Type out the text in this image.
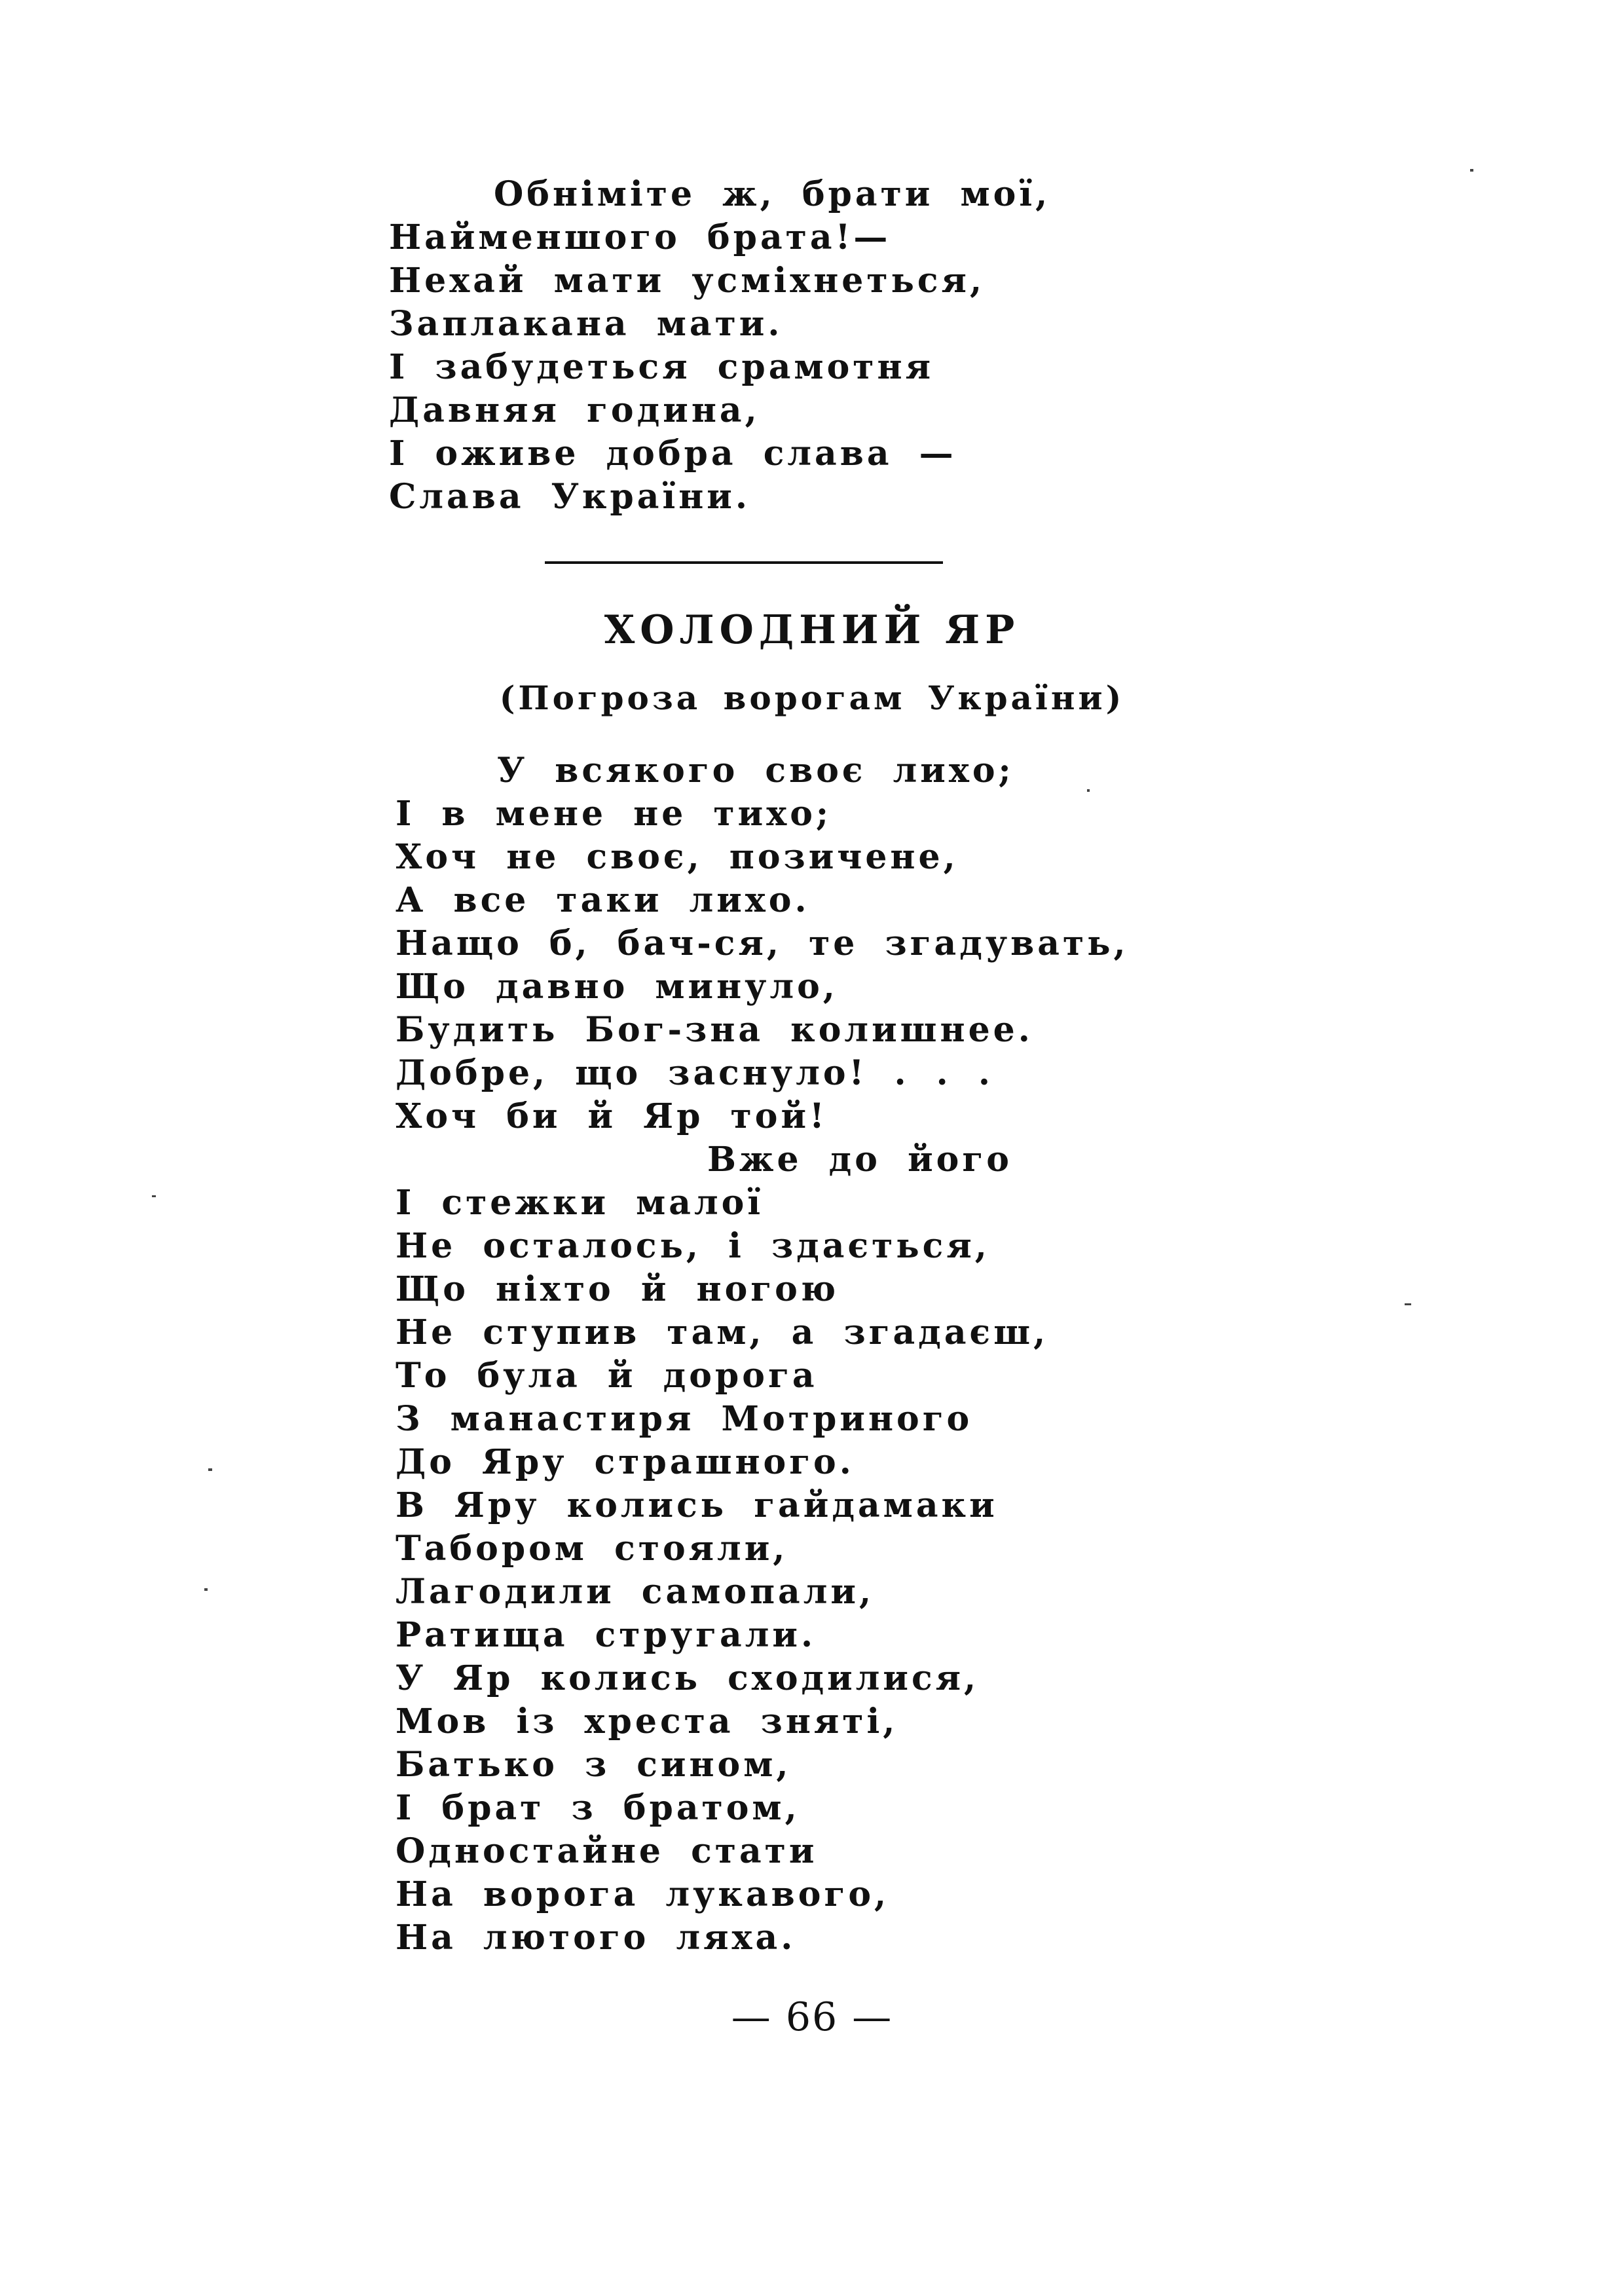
Обніміте ж, брати мої,
Найменшого брата!—
Нехай мати усміхнеться,
Заплакана мати.
І забудеться срамотня
Давняя година,
І оживе добра слава —
Слава України.
ХОЛОДНИЙ ЯР
(Погроза ворогам України)
У всякого своє лихо;
І в мене не тихо;
Хоч не своє, позичене,
А все таки лихо.
Нащо б, бач-ся, те згадувать,
Що давно минуло,
Будить Бог-зна колишнее.
Добре, що заснуло! . . .
Хоч би й Яр той!
Вже до його
І стежки малої
Не осталось, і здається,
Що ніхто й ногою
Не ступив там, а згадаєш,
То була й дорога
З манастиря Мотриного
До Яру страшного.
В Яру колись гайдамаки
Табором стояли,
Лагодили самопали,
Ратища стругали.
У Яр колись сходилися,
Мов із хреста зняті,
Батько з сином,
І брат з братом,
Одностайне стати
На ворога лукавого,
На лютого ляха.
— 66 —
